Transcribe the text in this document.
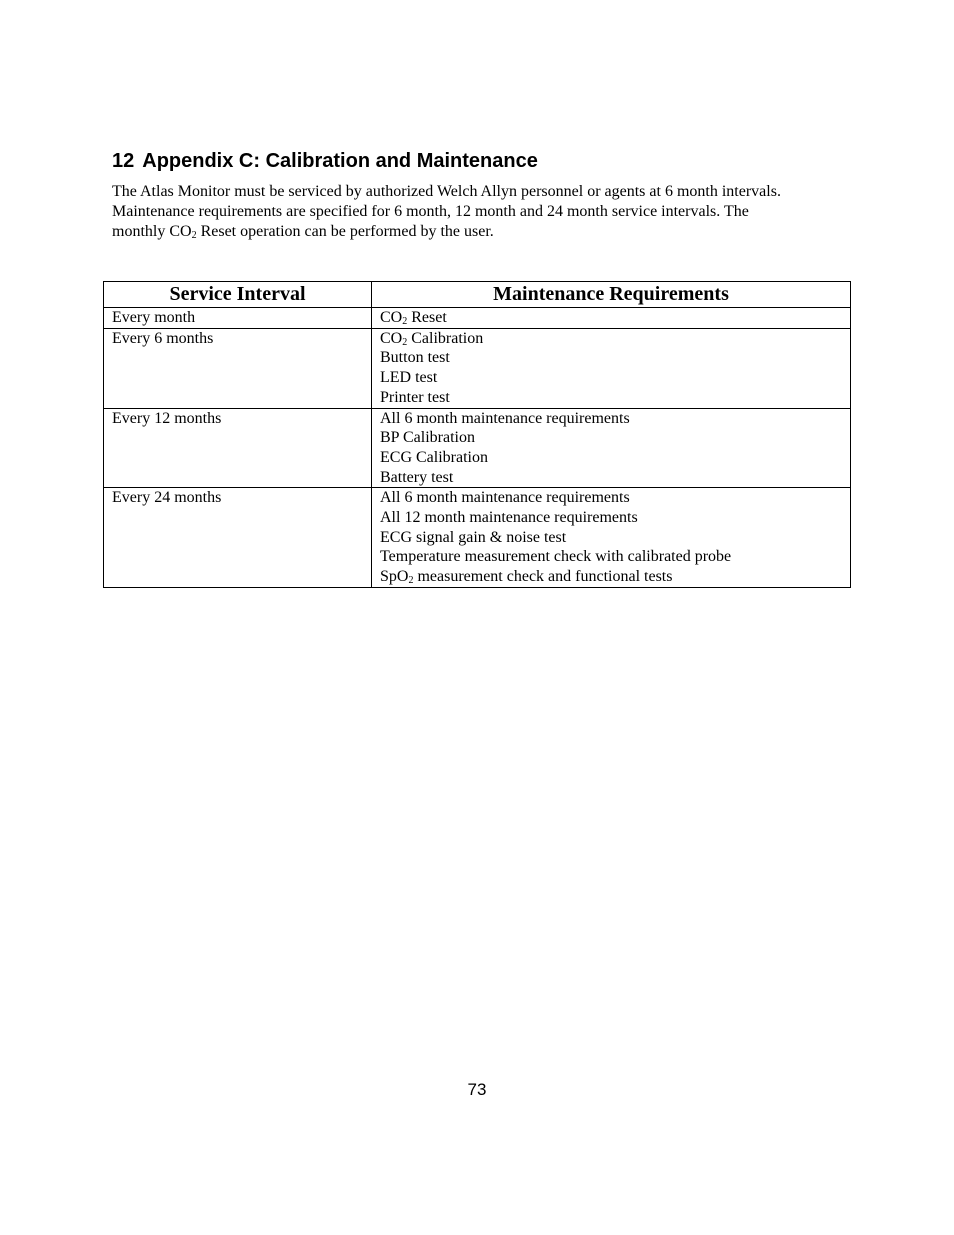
12 Appendix C: Calibration and Maintenance

The Atlas Monitor must be serviced by authorized Welch Allyn personnel or agents at 6 month intervals.

Maintenance requirements are specified for 6 month, 12 month and 24 month service intervals. The

monthly $CO_2$ Reset operation can be performed by the user.

Service Interval	Maintenance Requirements
Every month	$CO_2$ Reset

Every 6 months	$CO_2$ Calibration
Button test
LED test
Printer test

Every 12 months	All 6 month maintenance requirements
BP Calibration
ECG Calibration
Battery test

Every 24 months	All 6 month maintenance requirements
All 12 month maintenance requirements
ECG signal gain & noise test
Temperature measurement check with calibrated probe
SpO$_2$ measurement check and functional tests
73
